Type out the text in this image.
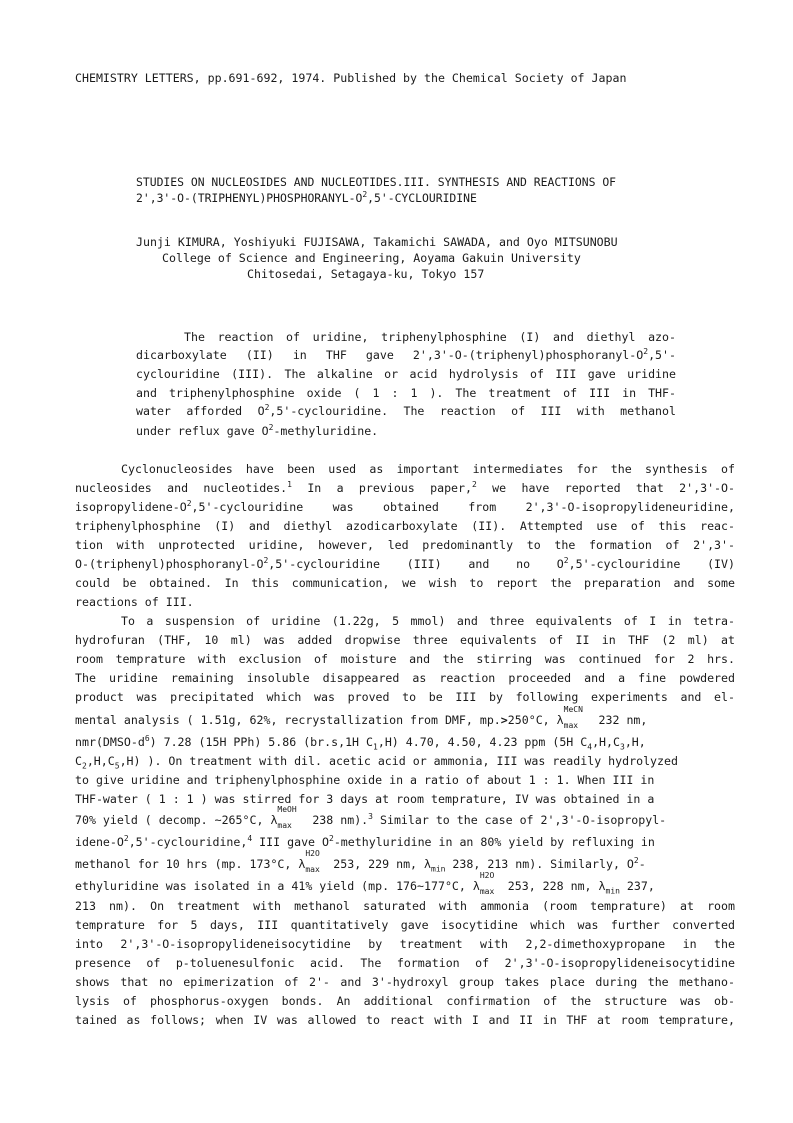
CHEMISTRY LETTERS, pp.691-692, 1974. Published by the Chemical Society of Japan
STUDIES ON NUCLEOSIDES AND NUCLEOTIDES.III. SYNTHESIS AND REACTIONS OF
$2',3'-O-(TRIPHENYL)PHOSPHORANYL-O^2,5'$-CYCLOURIDINE
Junji KIMURA, Yoshiyuki FUJISAWA, Takamichi SAWADA, and Oyo MITSUNOBU
College of Science and Engineering, Aoyama Gakuin University
Chitosedai, Setagaya-ku, Tokyo 157
The reaction of uridine, triphenylphosphine (I) and diethyl azo-
dicarboxylate (II) in THF gave $2',3'-O-(triphenyl)phosphoranyl-O^2,5'-$
cyclouridine (III). The alkaline or acid hydrolysis of III gave uridine
and triphenylphosphine oxide ( 1 : 1 ). The treatment of III in THF-
water afforded $O^2,5'$-cyclouridine. The reaction of III with methanol
under reflux gave $O^2$-methyluridine.
Cyclonucleosides have been used as important intermediates for the synthesis of
nucleosides and nucleotides.$^1$ In a previous paper,$^2$ we have reported that 2',3'-O-
isopropylidene-$O^2,5'$-cyclouridine was obtained from 2',3'-O-isopropylideneuridine,
triphenylphosphine (I) and diethyl azodicarboxylate (II). Attempted use of this reac-
tion with unprotected uridine, however, led predominantly to the formation of 2',3'-
$O-(triphenyl)phosphoranyl-O^2,5'$-cyclouridine (III) and no $O^2,5'$-cyclouridine (IV)
could be obtained. In this communication, we wish to report the preparation and some
reactions of III.
To a suspension of uridine (1.22g, 5 mmol) and three equivalents of I in tetra-
hydrofuran (THF, 10 ml) was added dropwise three equivalents of II in THF (2 ml) at
room temprature with exclusion of moisture and the stirring was continued for 2 hrs.
The uridine remaining insoluble disappeared as reaction proceeded and a fine powdered
product was precipitated which was proved to be III by following experiments and el-
mental analysis ( 1.51g, 62%, recrystallization from DMF, mp.>250°C, λ
MeCN
max 232 nm,
$nmr(DMSO-d^6)$ 7.28 (15H PPh) 5.86 (br.s,1H $C_1,H$) 4.70, 4.50, 4.23 ppm (5H $C_4,H,C_3,H$,
$C_2,H,C_5,H$) ). On treatment with dil. acetic acid or ammonia, III was readily hydrolyzed
to give uridine and triphenylphosphine oxide in a ratio of about 1 : 1. When III in
THF-water ( 1 : 1 ) was stirred for 3 days at room temprature, IV was obtained in a
70% yield ( decomp. ~265°C, λ
MeOH
max 238 nm).$^3$ Similar to the case of 2',3'-O-isopropyl-
idene-$O^2,5'-cyclouridine,^4$ III gave $O^2$-methyluridine in an 80% yield by refluxing in
methanol for 10 hrs (mp. 173°C, λ
H2O
max 253, 229 nm, $\lambda_{min}$ 238, 213 nm). Similarly, $O^2-$
ethyluridine was isolated in a 41% yield (mp. 176~177°C, λ
H2O
max 253, 228 nm, $\lambda_{min}$ 237,
213 nm). On treatment with methanol saturated with ammonia (room temprature) at room
temprature for 5 days, III quantitatively gave isocytidine which was further converted
into 2',3'-O-isopropylideneisocytidine by treatment with 2,2-dimethoxypropane in the
presence of p-toluenesulfonic acid. The formation of 2',3'-O-isopropylideneisocytidine
shows that no epimerization of 2'- and 3'-hydroxyl group takes place during the methano-
lysis of phosphorus-oxygen bonds. An additional confirmation of the structure was ob-
tained as follows; when IV was allowed to react with I and II in THF at room temprature,
